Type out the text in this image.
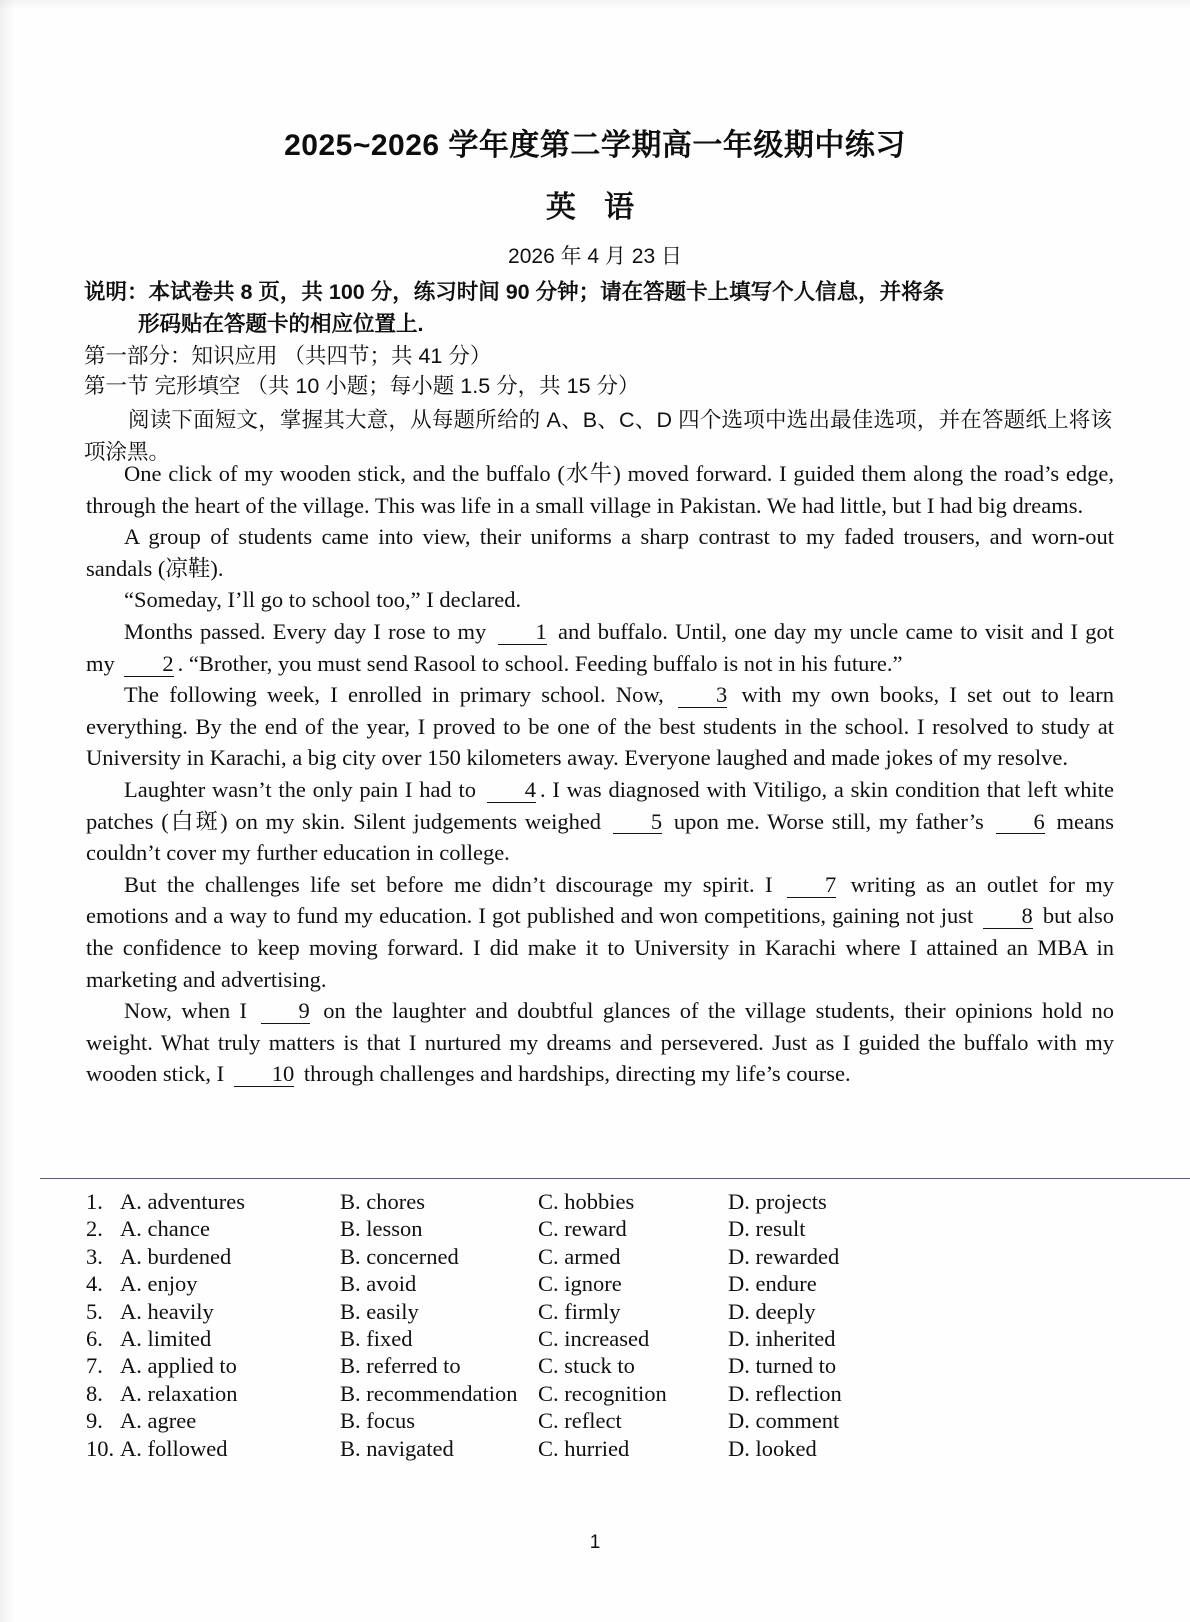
2025~2026 学年度第二学期高一年级期中练习
英 语
2026 年 4 月 23 日
说明：本试卷共 8 页，共 100 分，练习时间 90 分钟；请在答题卡上填写个人信息，并将条
形码贴在答题卡的相应位置上.
第一部分：知识应用 （共四节；共 41 分）
第一节 完形填空 （共 10 小题；每小题 1.5 分，共 15 分）
阅读下面短文，掌握其大意，从每题所给的 A、B、C、D 四个选项中选出最佳选项，并在答题纸上将该项涂黑。

One click of my wooden stick, and the buffalo (水牛) moved forward. I guided them along the road’s edge, through the heart of the village. This was life in a small village in Pakistan. We had little, but I had big dreams.

A group of students came into view, their uniforms a sharp contrast to my faded trousers, and worn-out sandals (凉鞋).

“Someday, I’ll go to school too,” I declared.

Months passed. Every day I rose to my 1 and buffalo. Until, one day my uncle came to visit and I got my 2 . “Brother, you must send Rasool to school. Feeding buffalo is not in his future.”

The following week, I enrolled in primary school. Now, 3 with my own books, I set out to learn everything. By the end of the year, I proved to be one of the best students in the school. I resolved to study at University in Karachi, a big city over 150 kilometers away. Everyone laughed and made jokes of my resolve.

Laughter wasn’t the only pain I had to 4 . I was diagnosed with Vitiligo, a skin condition that left white patches (白斑) on my skin. Silent judgements weighed 5 upon me. Worse still, my father’s 6 means couldn’t cover my further education in college.

But the challenges life set before me didn’t discourage my spirit. I 7 writing as an outlet for my emotions and a way to fund my education. I got published and won competitions, gaining not just 8 but also the confidence to keep moving forward. I did make it to University in Karachi where I attained an MBA in marketing and advertising.

Now, when I 9 on the laughter and doubtful glances of the village students, their opinions hold no weight. What truly matters is that I nurtured my dreams and persevered. Just as I guided the buffalo with my wooden stick, I 10 through challenges and hardships, directing my life’s course.

1. A. adventures	B. chores	C. hobbies	D. projects
2. A. chance	B. lesson	C. reward	D. result
3. A. burdened	B. concerned	C. armed	D. rewarded
4. A. enjoy	B. avoid	C. ignore	D. endure
5. A. heavily	B. easily	C. firmly	D. deeply
6. A. limited	B. fixed	C. increased	D. inherited
7. A. applied to	B. referred to	C. stuck to	D. turned to
8. A. relaxation	B. recommendation C. recognition	D. reflection
9. A. agree	B. focus	C. reflect	D. comment
10. A. followed	B. navigated	C. hurried	D. looked
1
